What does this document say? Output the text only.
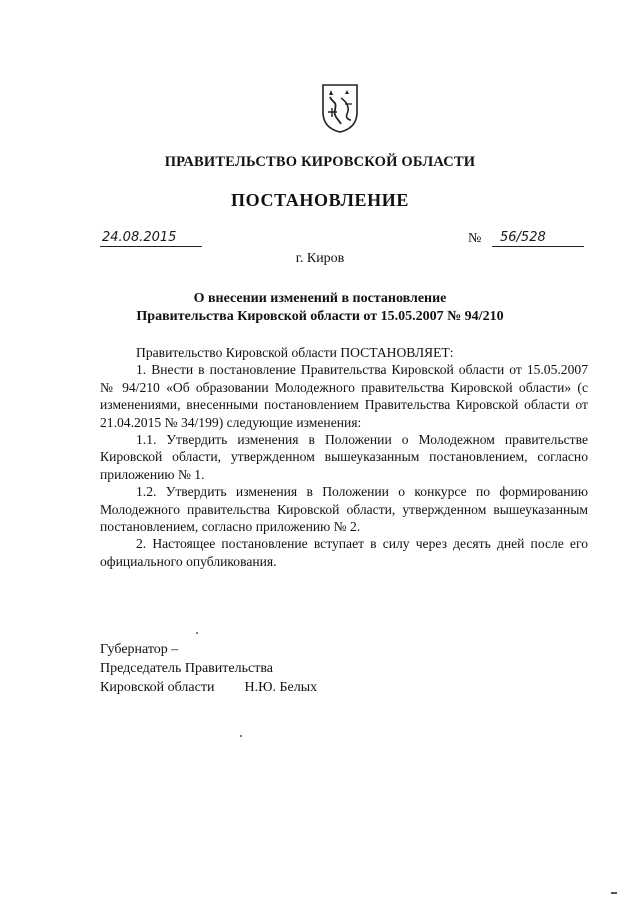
ПРАВИТЕЛЬСТВО КИРОВСКОЙ ОБЛАСТИ
ПОСТАНОВЛЕНИЕ
24.08.2015	№ 56/528
г. Киров
О внесении изменений в постановление
Правительства Кировской области от 15.05.2007 № 94/210

Правительство Кировской области ПОСТАНОВЛЯЕТ:

1. Внести в постановление Правительства Кировской области от 15.05.2007 № 94/210 «Об образовании Молодежного правительства Кировской области» (с изменениями, внесенными постановлением Правительства Кировской области от 21.04.2015 № 34/199) следующие изменения:

1.1. Утвердить изменения в Положении о Молодежном правительстве Кировской области, утвержденном вышеуказанным постановлением, согласно приложению № 1.

1.2. Утвердить изменения в Положении о конкурсе по формированию Молодежного правительства Кировской области, утвержденном вышеуказанным постановлением, согласно приложению № 2.

2. Настоящее постановление вступает в силу через десять дней после его официального опубликования.

Губернатор –
Председатель Правительства
Кировской области Н.Ю. Белых
